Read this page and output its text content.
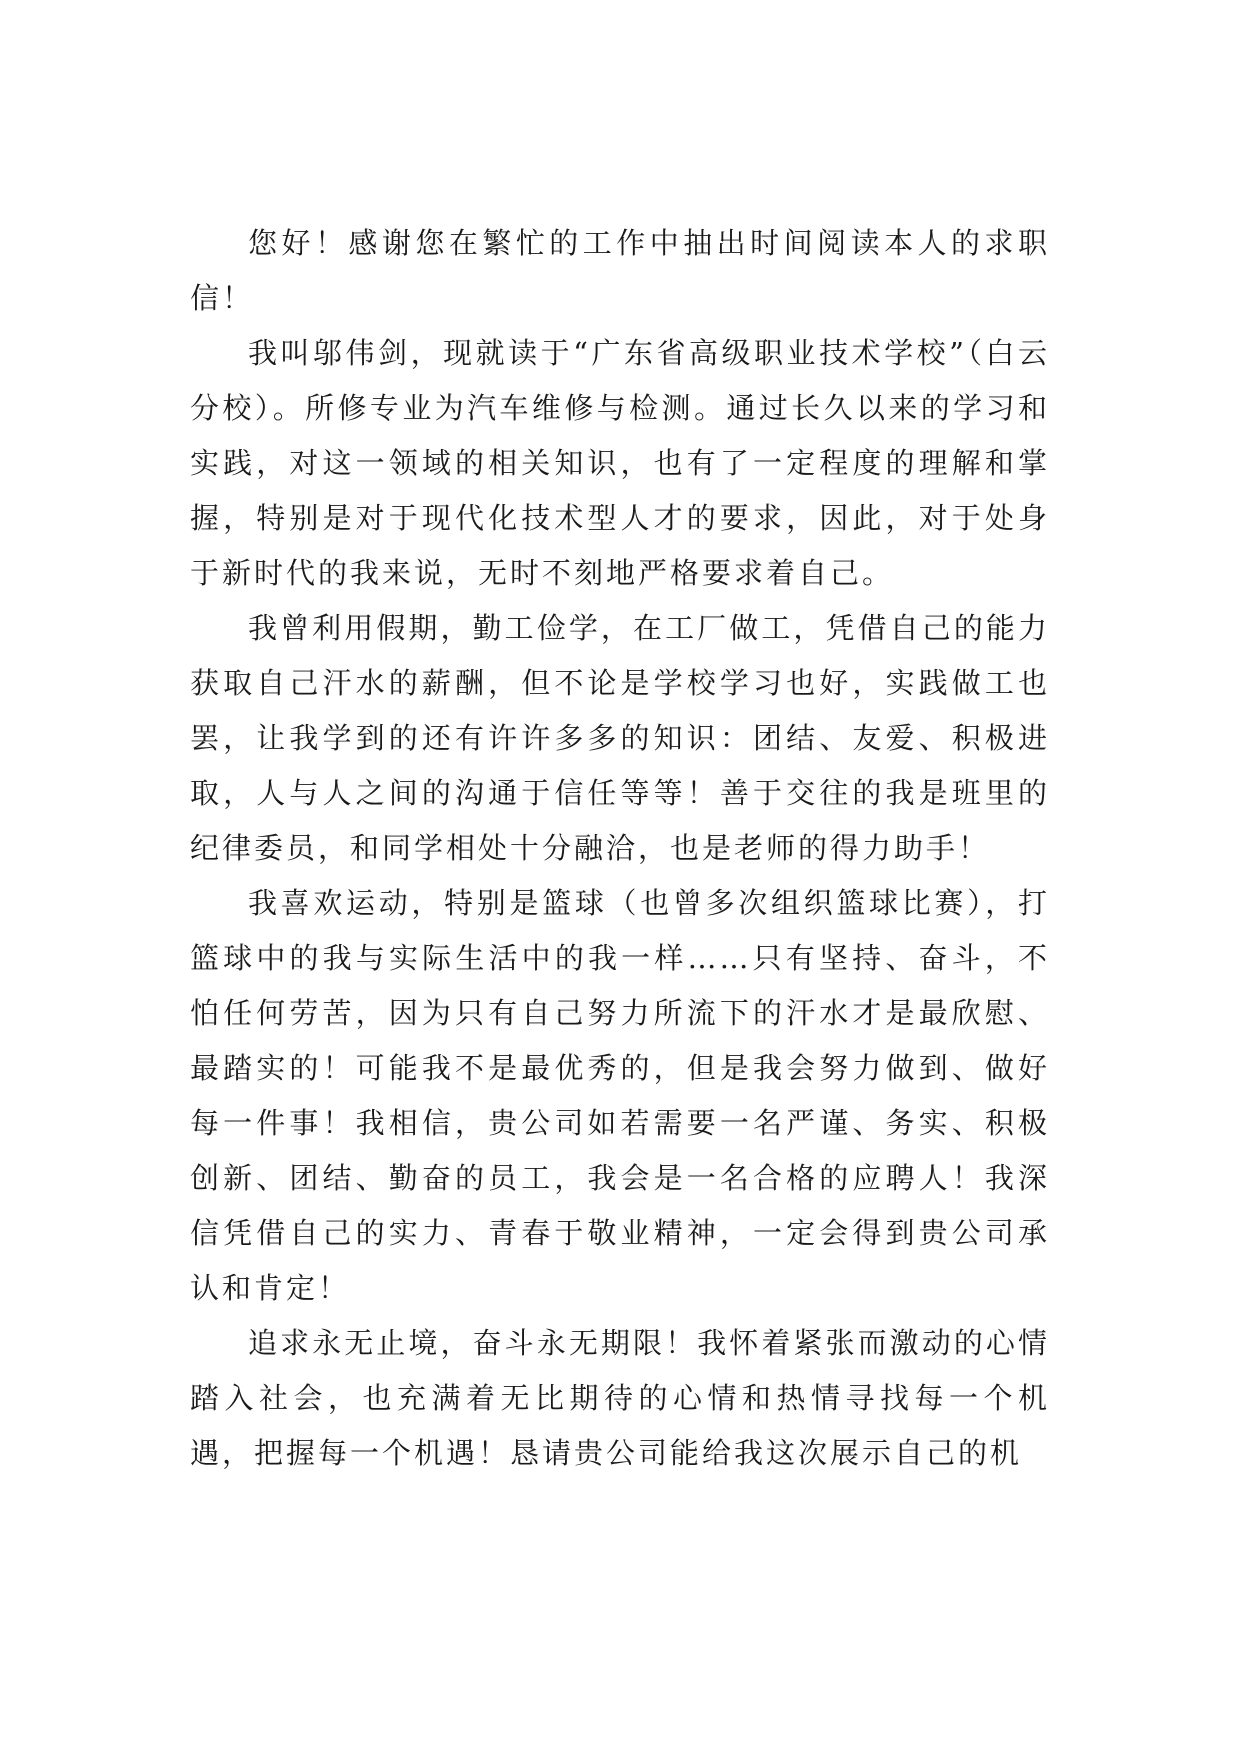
您好！感谢您在繁忙的工作中抽出时间阅读本人的求职信！

我叫邬伟剑，现就读于“广东省高级职业技术学校”（白云分校）。所修专业为汽车维修与检测。通过长久以来的学习和实践，对这一领域的相关知识，也有了一定程度的理解和掌握，特别是对于现代化技术型人才的要求，因此，对于处身于新时代的我来说，无时不刻地严格要求着自己。

我曾利用假期，勤工俭学，在工厂做工，凭借自己的能力获取自己汗水的薪酬，但不论是学校学习也好，实践做工也罢，让我学到的还有许许多多的知识：团结、友爱、积极进取，人与人之间的沟通于信任等等！善于交往的我是班里的纪律委员，和同学相处十分融洽，也是老师的得力助手！

我喜欢运动，特别是篮球（也曾多次组织篮球比赛），打篮球中的我与实际生活中的我一样……只有坚持、奋斗，不怕任何劳苦，因为只有自己努力所流下的汗水才是最欣慰、最踏实的！可能我不是最优秀的，但是我会努力做到、做好每一件事！我相信，贵公司如若需要一名严谨、务实、积极创新、团结、勤奋的员工，我会是一名合格的应聘人！我深信凭借自己的实力、青春于敬业精神，一定会得到贵公司承认和肯定！

追求永无止境，奋斗永无期限！我怀着紧张而激动的心情踏入社会，也充满着无比期待的心情和热情寻找每一个机遇，把握每一个机遇！恳请贵公司能给我这次展示自己的机
